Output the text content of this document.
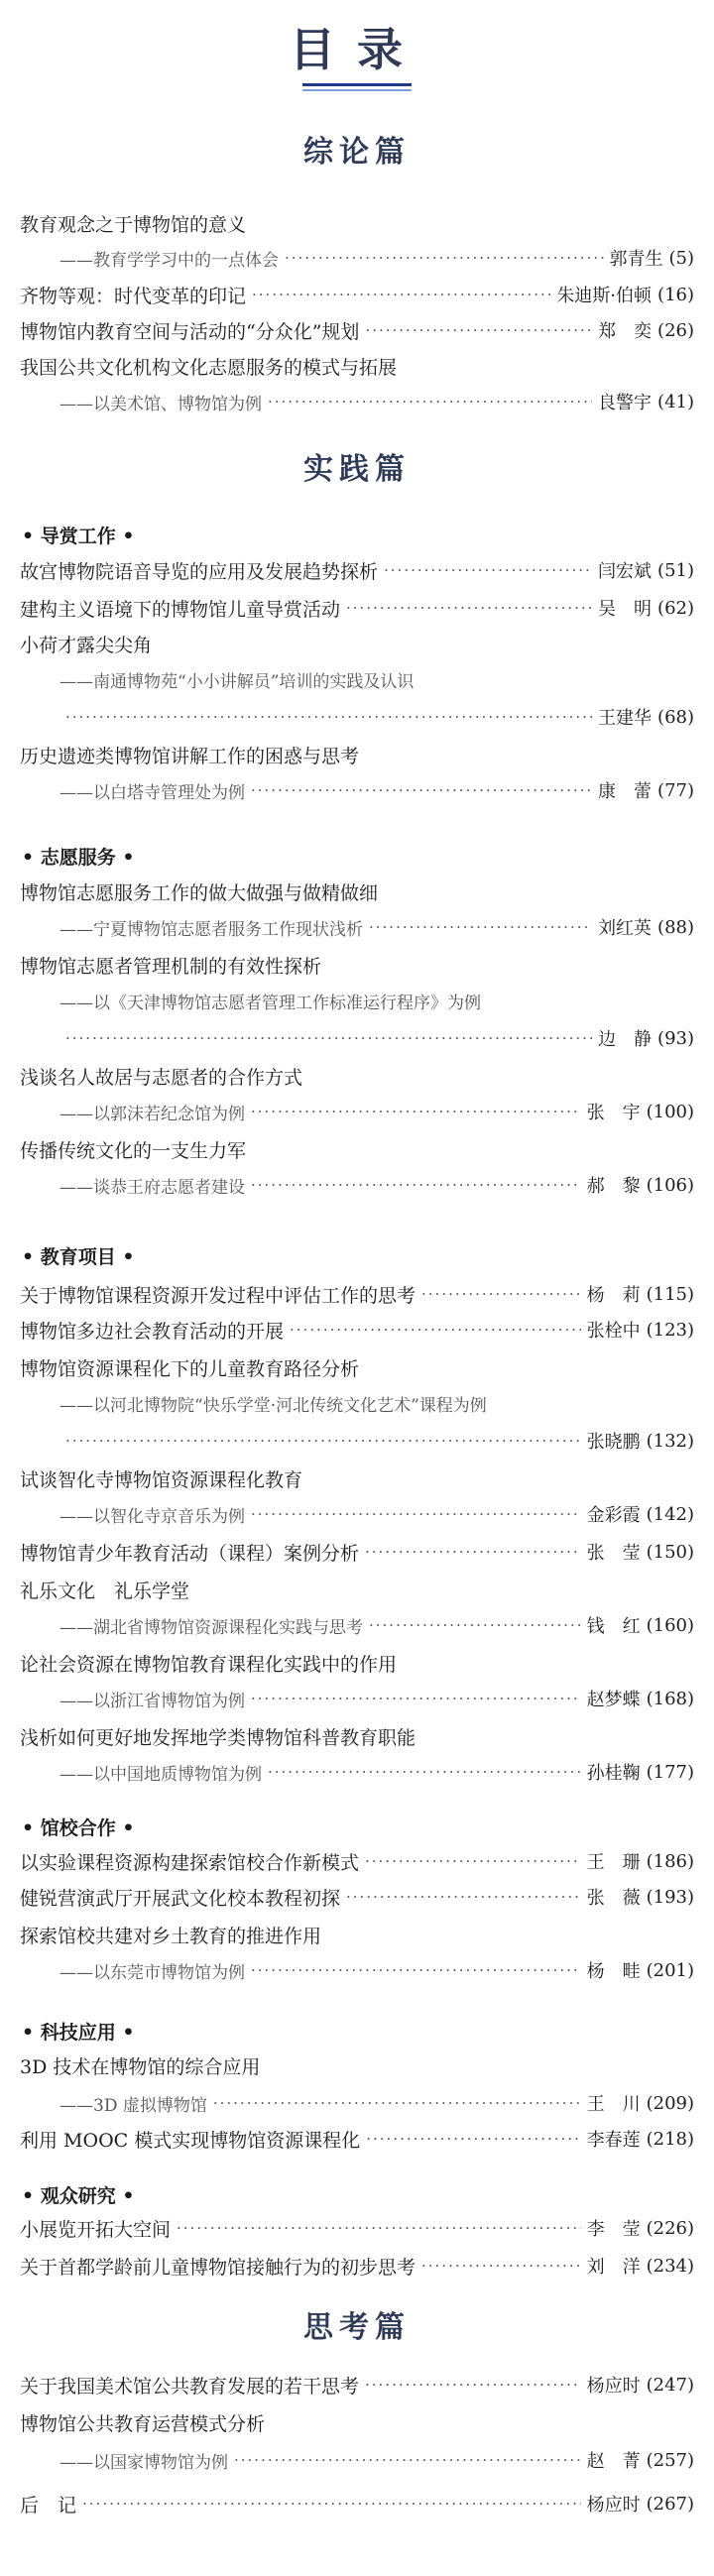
目录
综论篇
实践篇
思考篇
• 导赏工作 •
• 志愿服务 •
• 教育项目 •
• 馆校合作 •
• 科技应用 •
• 观众研究 •
教育观念之于博物馆的意义
——教育学学习中的一点体会 ·····	郭青生 (5)
齐物等观：时代变革的印记 ·····	朱迪斯·伯顿 (16)
博物馆内教育空间与活动的“分众化”规划 ·····	郑　奕 (26)
我国公共文化机构文化志愿服务的模式与拓展
——以美术馆、博物馆为例 ·····	良警宇 (41)
故宫博物院语音导览的应用及发展趋势探析 ·····	闫宏斌 (51)
建构主义语境下的博物馆儿童导赏活动 ·····	吴　明 (62)
小荷才露尖尖角
——南通博物苑“小小讲解员”培训的实践及认识
·····
王建华 (68)
历史遗迹类博物馆讲解工作的困惑与思考
——以白塔寺管理处为例 ·····	康　蕾 (77)
博物馆志愿服务工作的做大做强与做精做细
——宁夏博物馆志愿者服务工作现状浅析 ·····	刘红英 (88)
博物馆志愿者管理机制的有效性探析
——以《天津博物馆志愿者管理工作标准运行程序》为例
·····
边　静 (93)
浅谈名人故居与志愿者的合作方式
——以郭沫若纪念馆为例 ·····	张　宇 (100)
传播传统文化的一支生力军
——谈恭王府志愿者建设 ·····	郝　黎 (106)
关于博物馆课程资源开发过程中评估工作的思考 ·····	杨　莉 (115)
博物馆多边社会教育活动的开展 ·····	张栓中 (123)
博物馆资源课程化下的儿童教育路径分析
——以河北博物院“快乐学堂·河北传统文化艺术”课程为例
·····
张晓鹏 (132)
试谈智化寺博物馆资源课程化教育
——以智化寺京音乐为例 ·····	金彩霞 (142)
博物馆青少年教育活动（课程）案例分析 ·····	张　莹 (150)
礼乐文化　礼乐学堂
——湖北省博物馆资源课程化实践与思考 ·····	钱　红 (160)
论社会资源在博物馆教育课程化实践中的作用
——以浙江省博物馆为例 ·····	赵梦蝶 (168)
浅析如何更好地发挥地学类博物馆科普教育职能
——以中国地质博物馆为例 ·····	孙桂鞠 (177)
以实验课程资源构建探索馆校合作新模式 ·····	王　珊 (186)
健锐营演武厅开展武文化校本教程初探 ·····	张　薇 (193)
探索馆校共建对乡土教育的推进作用
——以东莞市博物馆为例 ·····	杨　畦 (201)
3D 技术在博物馆的综合应用
——3D 虚拟博物馆 ·····	王　川 (209)
利用 MOOC 模式实现博物馆资源课程化 ·····	李春莲 (218)
小展览开拓大空间 ·····	李　莹 (226)
关于首都学龄前儿童博物馆接触行为的初步思考 ·····	刘　洋 (234)
关于我国美术馆公共教育发展的若干思考 ·····	杨应时 (247)
博物馆公共教育运营模式分析
——以国家博物馆为例 ·····	赵　菁 (257)
后　记 ·····	杨应时 (267)
